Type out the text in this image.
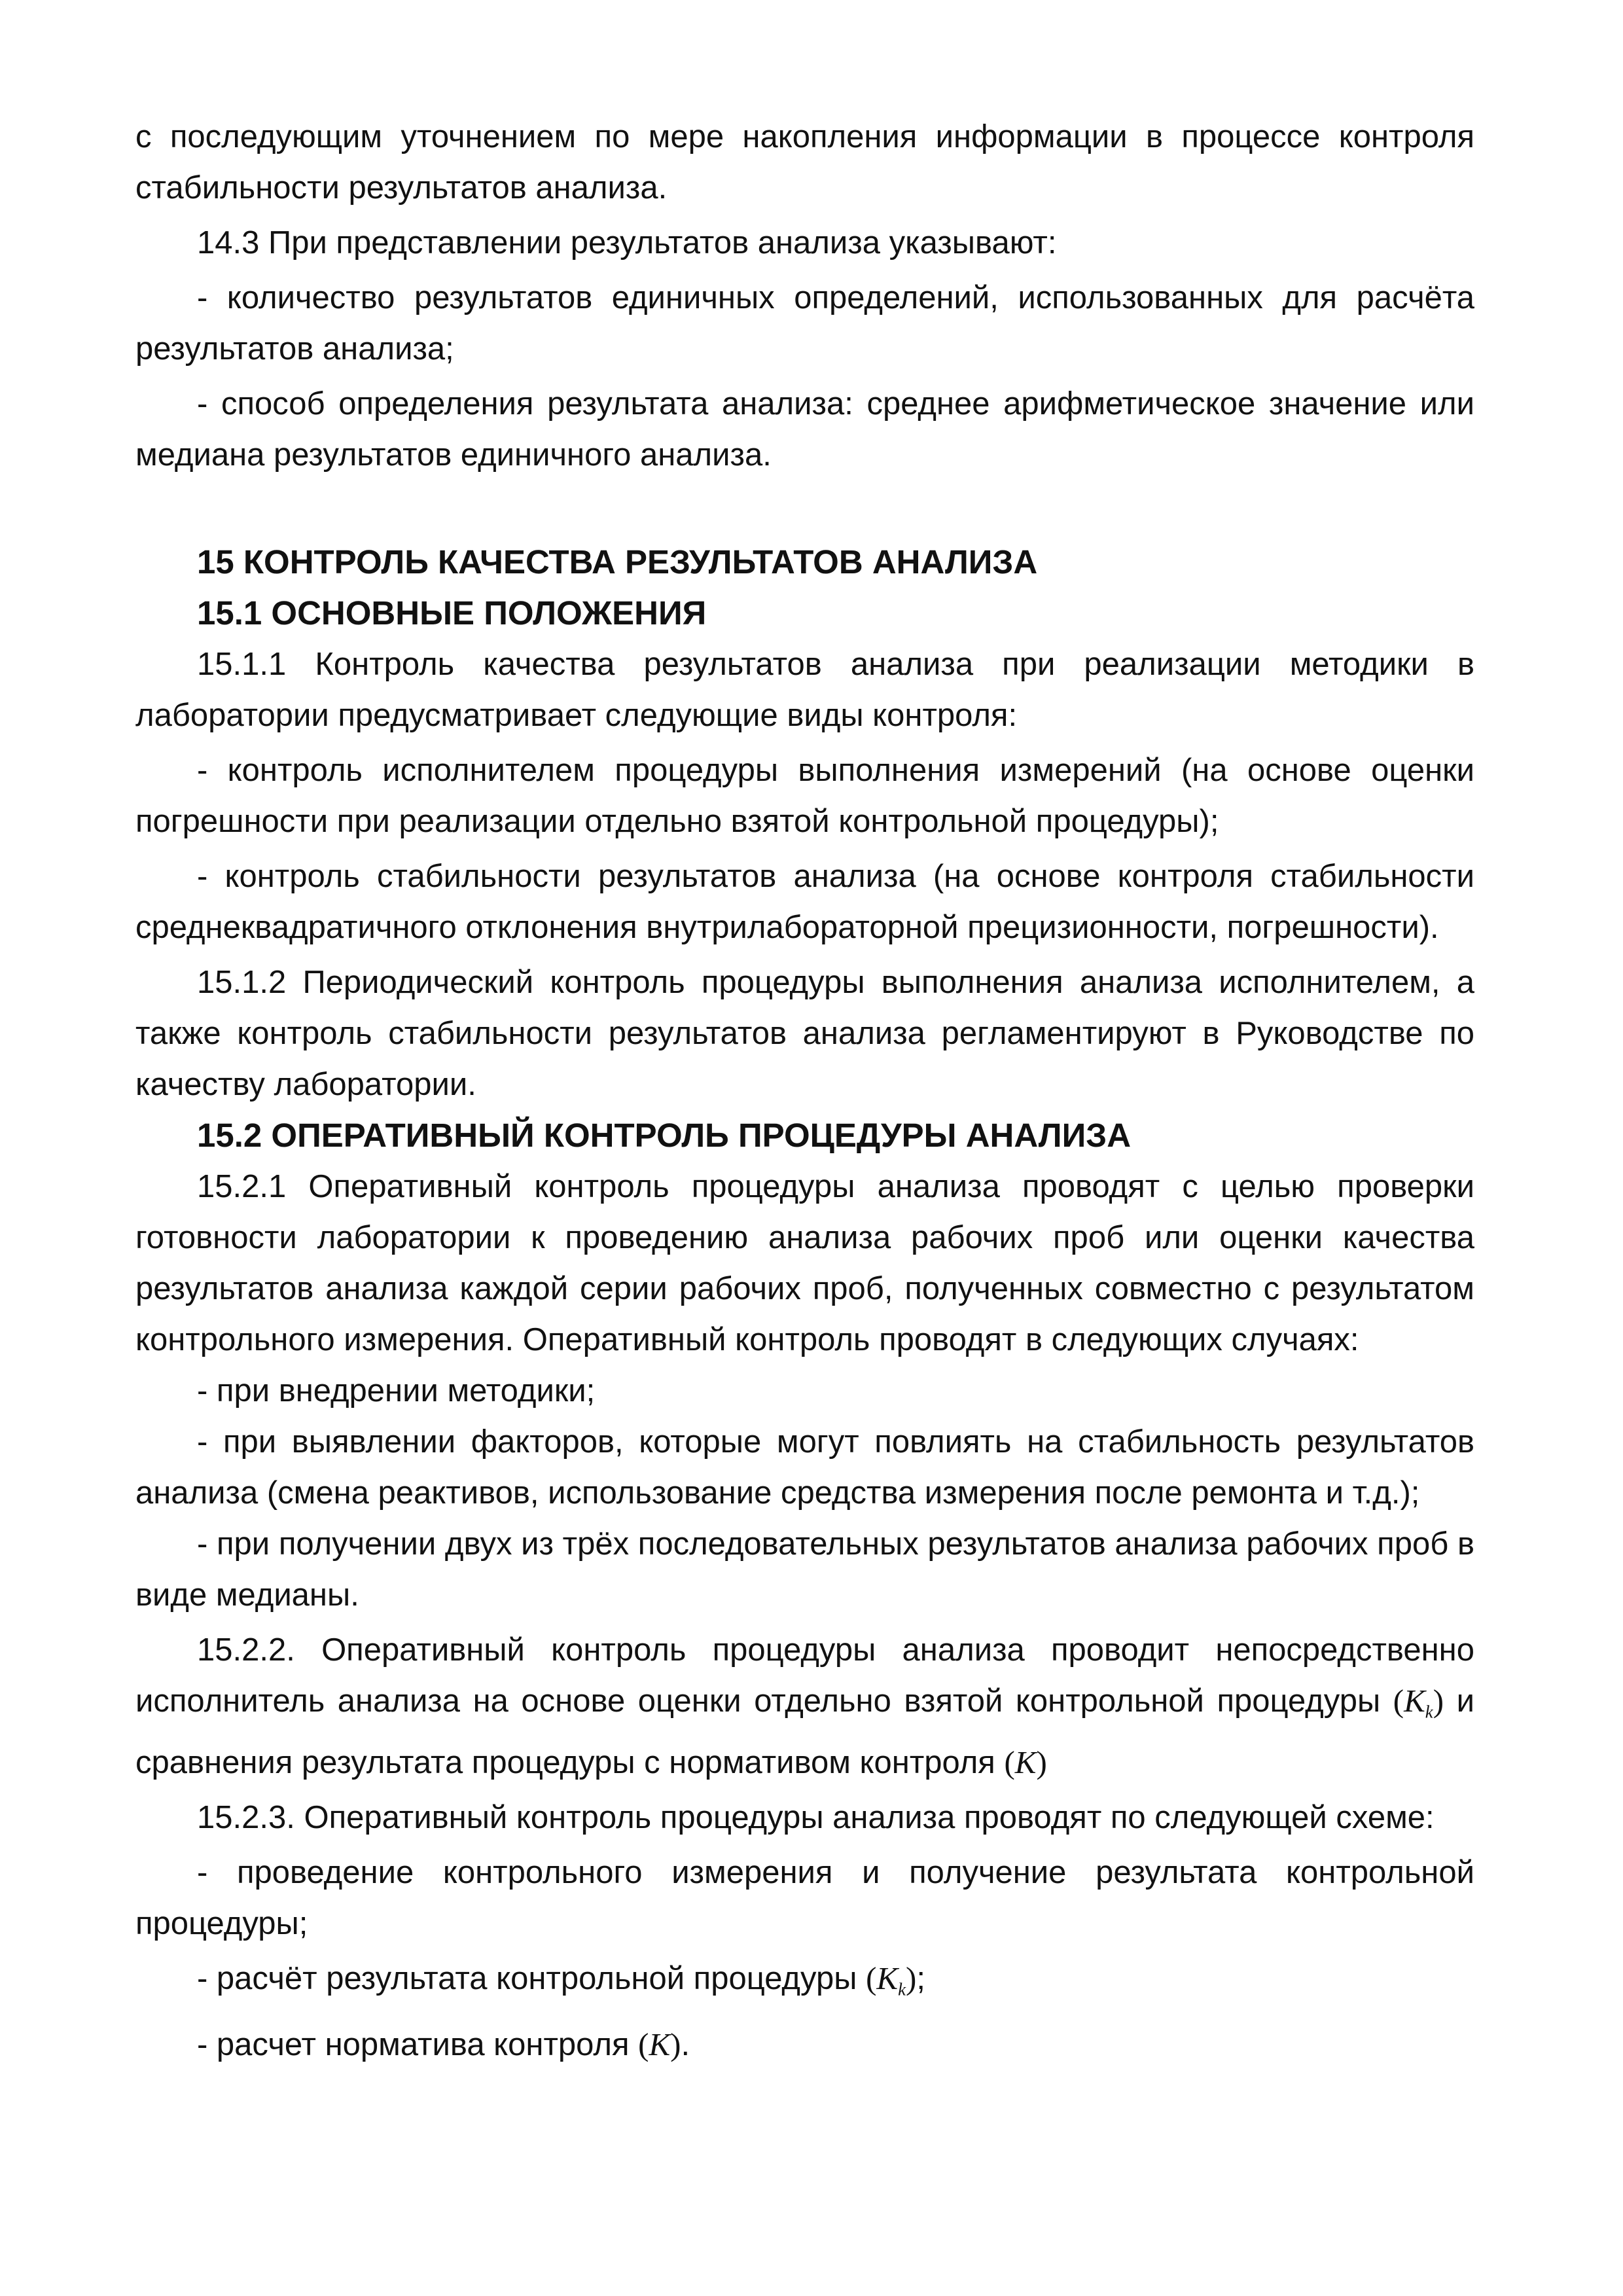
с последующим уточнением по мере накопления информации в процессе контроля стабильности результатов анализа.

14.3 При представлении результатов анализа указывают:

- количество результатов единичных определений, использованных для расчёта результатов анализа;

- способ определения результата анализа: среднее арифметическое значение или медиана результатов единичного анализа.

15 КОНТРОЛЬ КАЧЕСТВА РЕЗУЛЬТАТОВ АНАЛИЗА

15.1 ОСНОВНЫЕ ПОЛОЖЕНИЯ

15.1.1 Контроль качества результатов анализа при реализации методики в лаборатории предусматривает следующие виды контроля:

- контроль исполнителем процедуры выполнения измерений (на основе оценки погрешности при реализации отдельно взятой контрольной процедуры);

- контроль стабильности результатов анализа (на основе контроля стабильности среднеквадратичного отклонения внутрилабораторной прецизионности, погрешности).

15.1.2 Периодический контроль процедуры выполнения анализа исполнителем, а также контроль стабильности результатов анализа регламентируют в Руководстве по качеству лаборатории.

15.2 ОПЕРАТИВНЫЙ КОНТРОЛЬ ПРОЦЕДУРЫ АНАЛИЗА

15.2.1 Оперативный контроль процедуры анализа проводят с целью проверки готовности лаборатории к проведению анализа рабочих проб или оценки качества результатов анализа каждой серии рабочих проб, полученных совместно с результатом контрольного измерения. Оперативный контроль проводят в следующих случаях:

- при внедрении методики;

- при выявлении факторов, которые могут повлиять на стабильность результатов анализа (смена реактивов, использование средства измерения после ремонта и т.д.);

- при получении двух из трёх последовательных результатов анализа рабочих проб в виде медианы.

15.2.2. Оперативный контроль процедуры анализа проводит непосредственно исполнитель анализа на основе оценки отдельно взятой контрольной процедуры $(K_k)$ и сравнения результата процедуры с нормативом контроля (K)

15.2.3. Оперативный контроль процедуры анализа проводят по следующей схеме:

- проведение контрольного измерения и получение результата контрольной процедуры;

- расчёт результата контрольной процедуры $(K_k)$;

- расчет норматива контроля (K).
